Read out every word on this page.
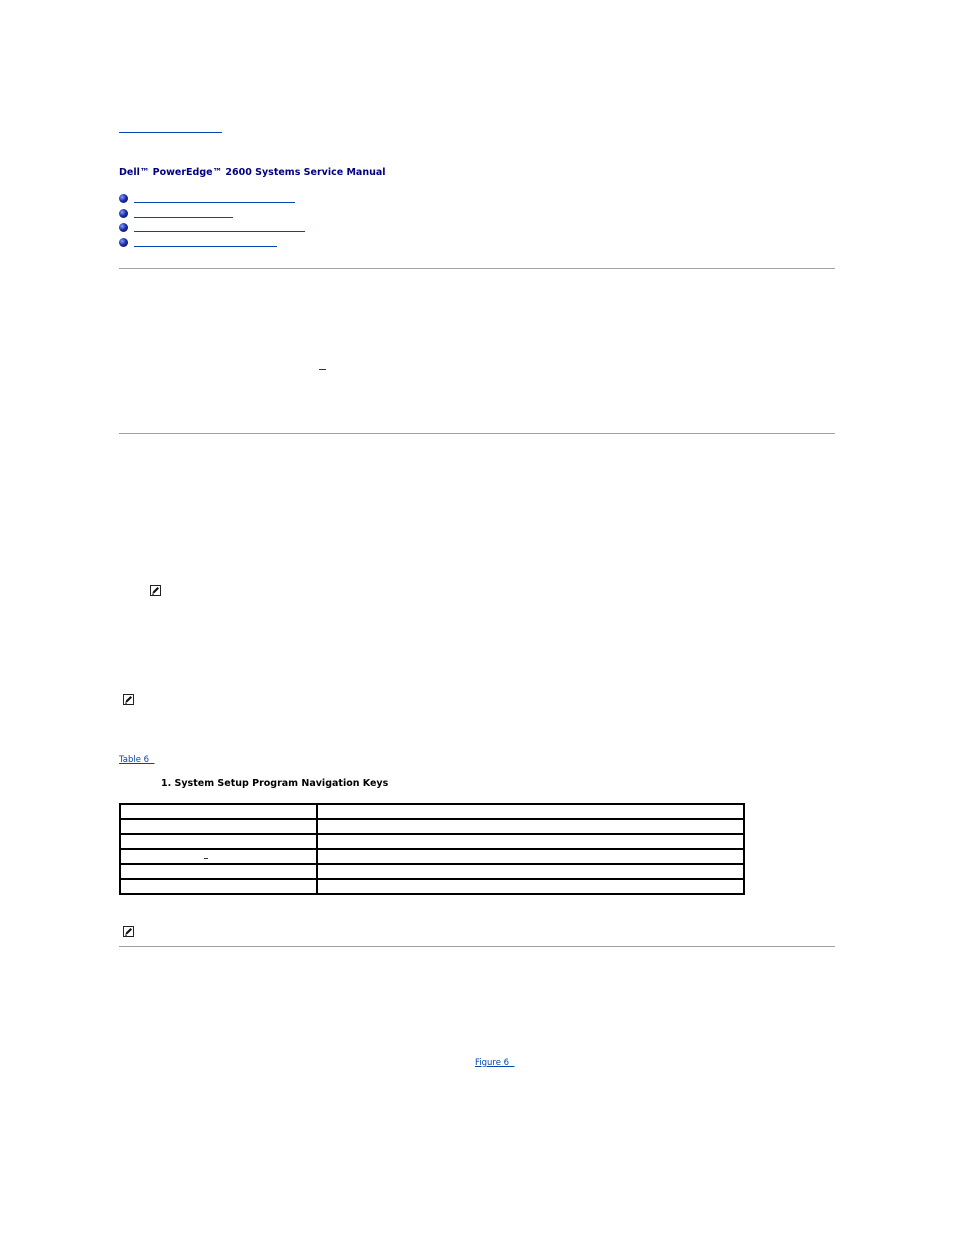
Dell™ PowerEdge™ 2600 Systems Service Manual
Table 6
1. System Setup Program Navigation Keys

Figure 6
